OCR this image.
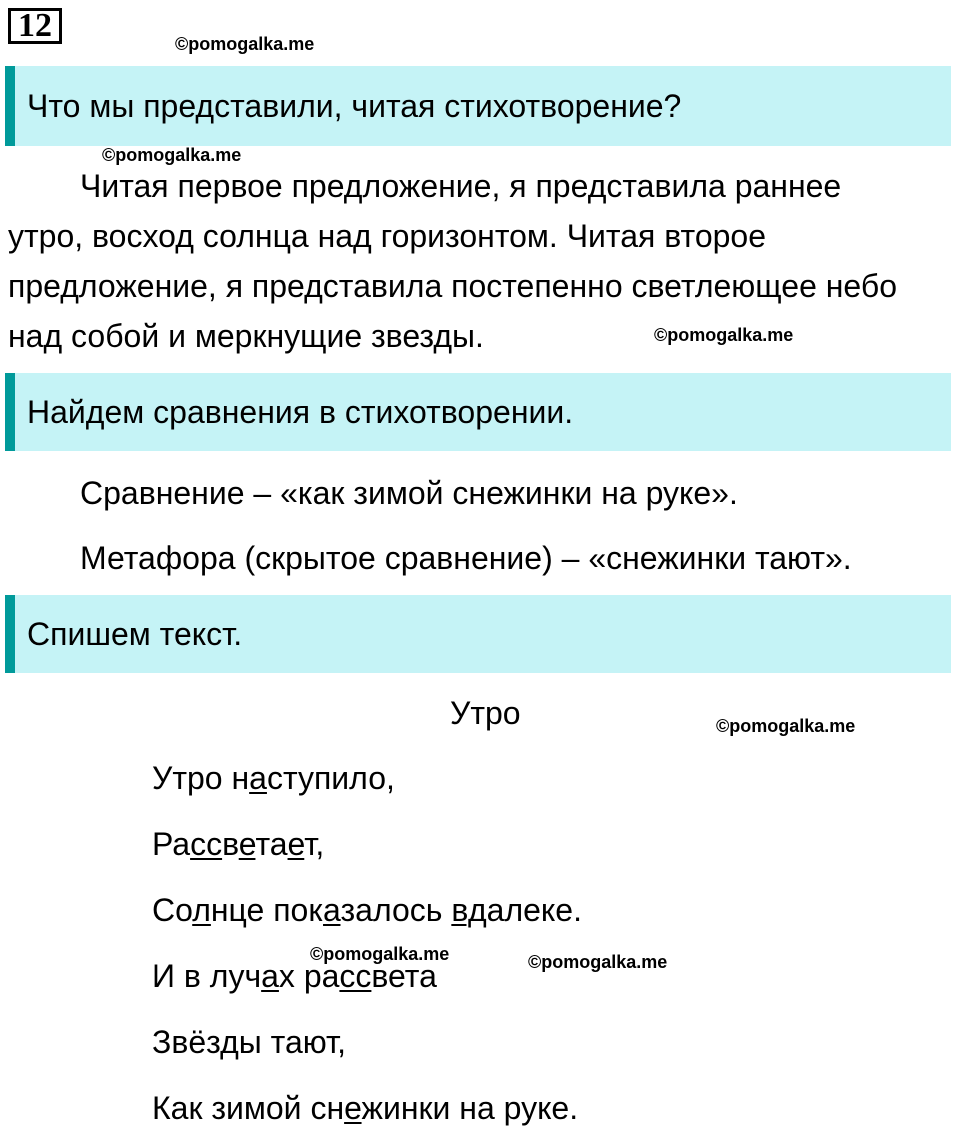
12	©pomogalka.me
Что мы представили, читая стихотворение?
©pomogalka.me
Читая первое предложение, я представила раннее
утро, восход солнца над горизонтом. Читая второе
предложение, я представила постепенно светлеющее небо
над собой и меркнущие звезды.	©pomogalka.me
Найдем сравнения в стихотворении.
Сравнение – «как зимой снежинки на руке».
Метафора (скрытое сравнение) – «снежинки тают».
Спишем текст.
Утро	©pomogalka.me
Утро наступило,
Рассветает,
Солнце показалось вдалеке.
©pomogalka.me	©pomogalka.me
И в лучах рассвета
Звёзды тают,
Как зимой снежинки на руке.
